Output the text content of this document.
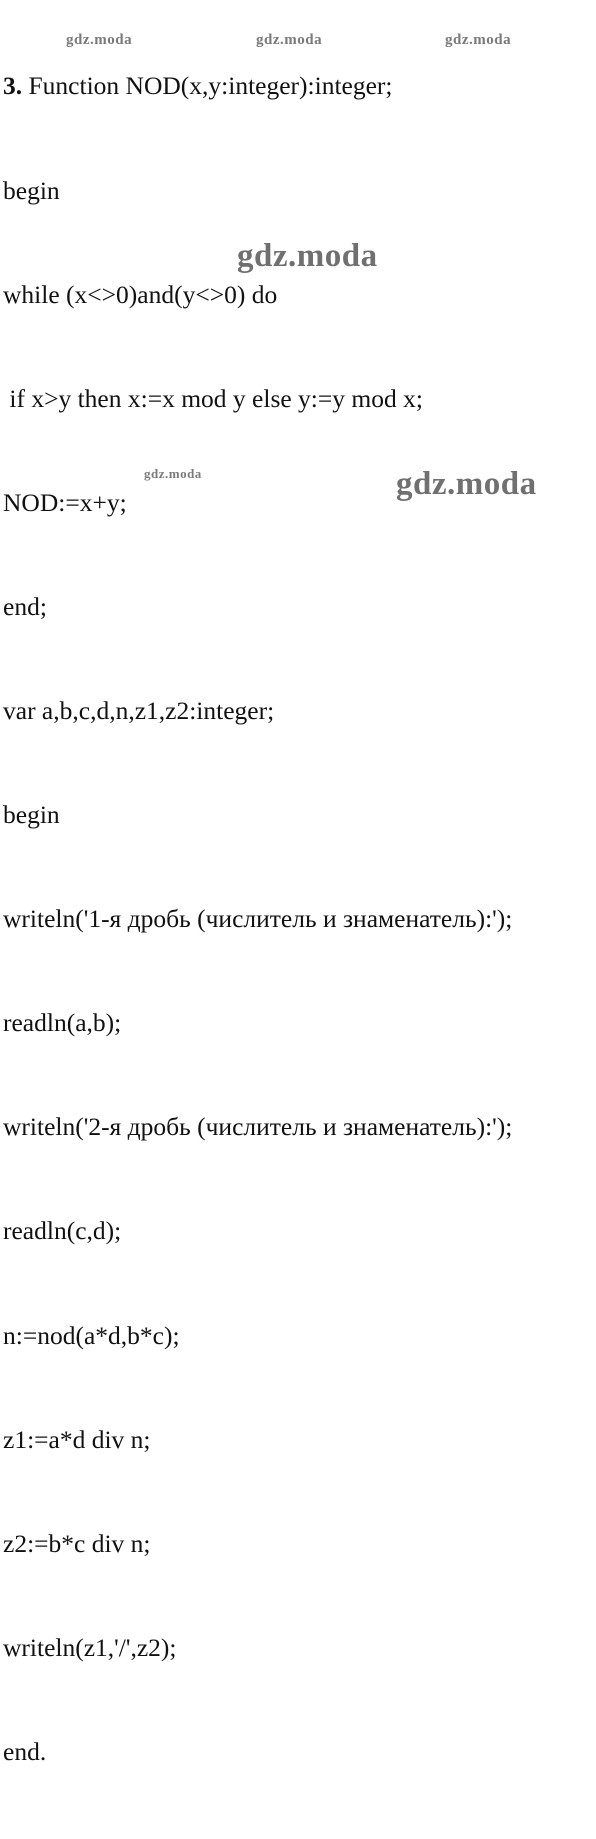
3. Function NOD(x,y:integer):integer;

begin

while (x<>0)and(y<>0) do

if x>y then x:=x mod y else y:=y mod x;

NOD:=x+y;

end;

var a,b,c,d,n,z1,z2:integer;

begin

writeln('1-я дробь (числитель и знаменатель):');

readln(a,b);

writeln('2-я дробь (числитель и знаменатель):');

readln(c,d);

n:=nod(a*d,b*c);

z1:=a*d div n;

z2:=b*c div n;

writeln(z1,'/',z2);

end.

gdz.moda	gdz.moda	gdz.moda
gdz.moda
gdz.moda	gdz.moda
